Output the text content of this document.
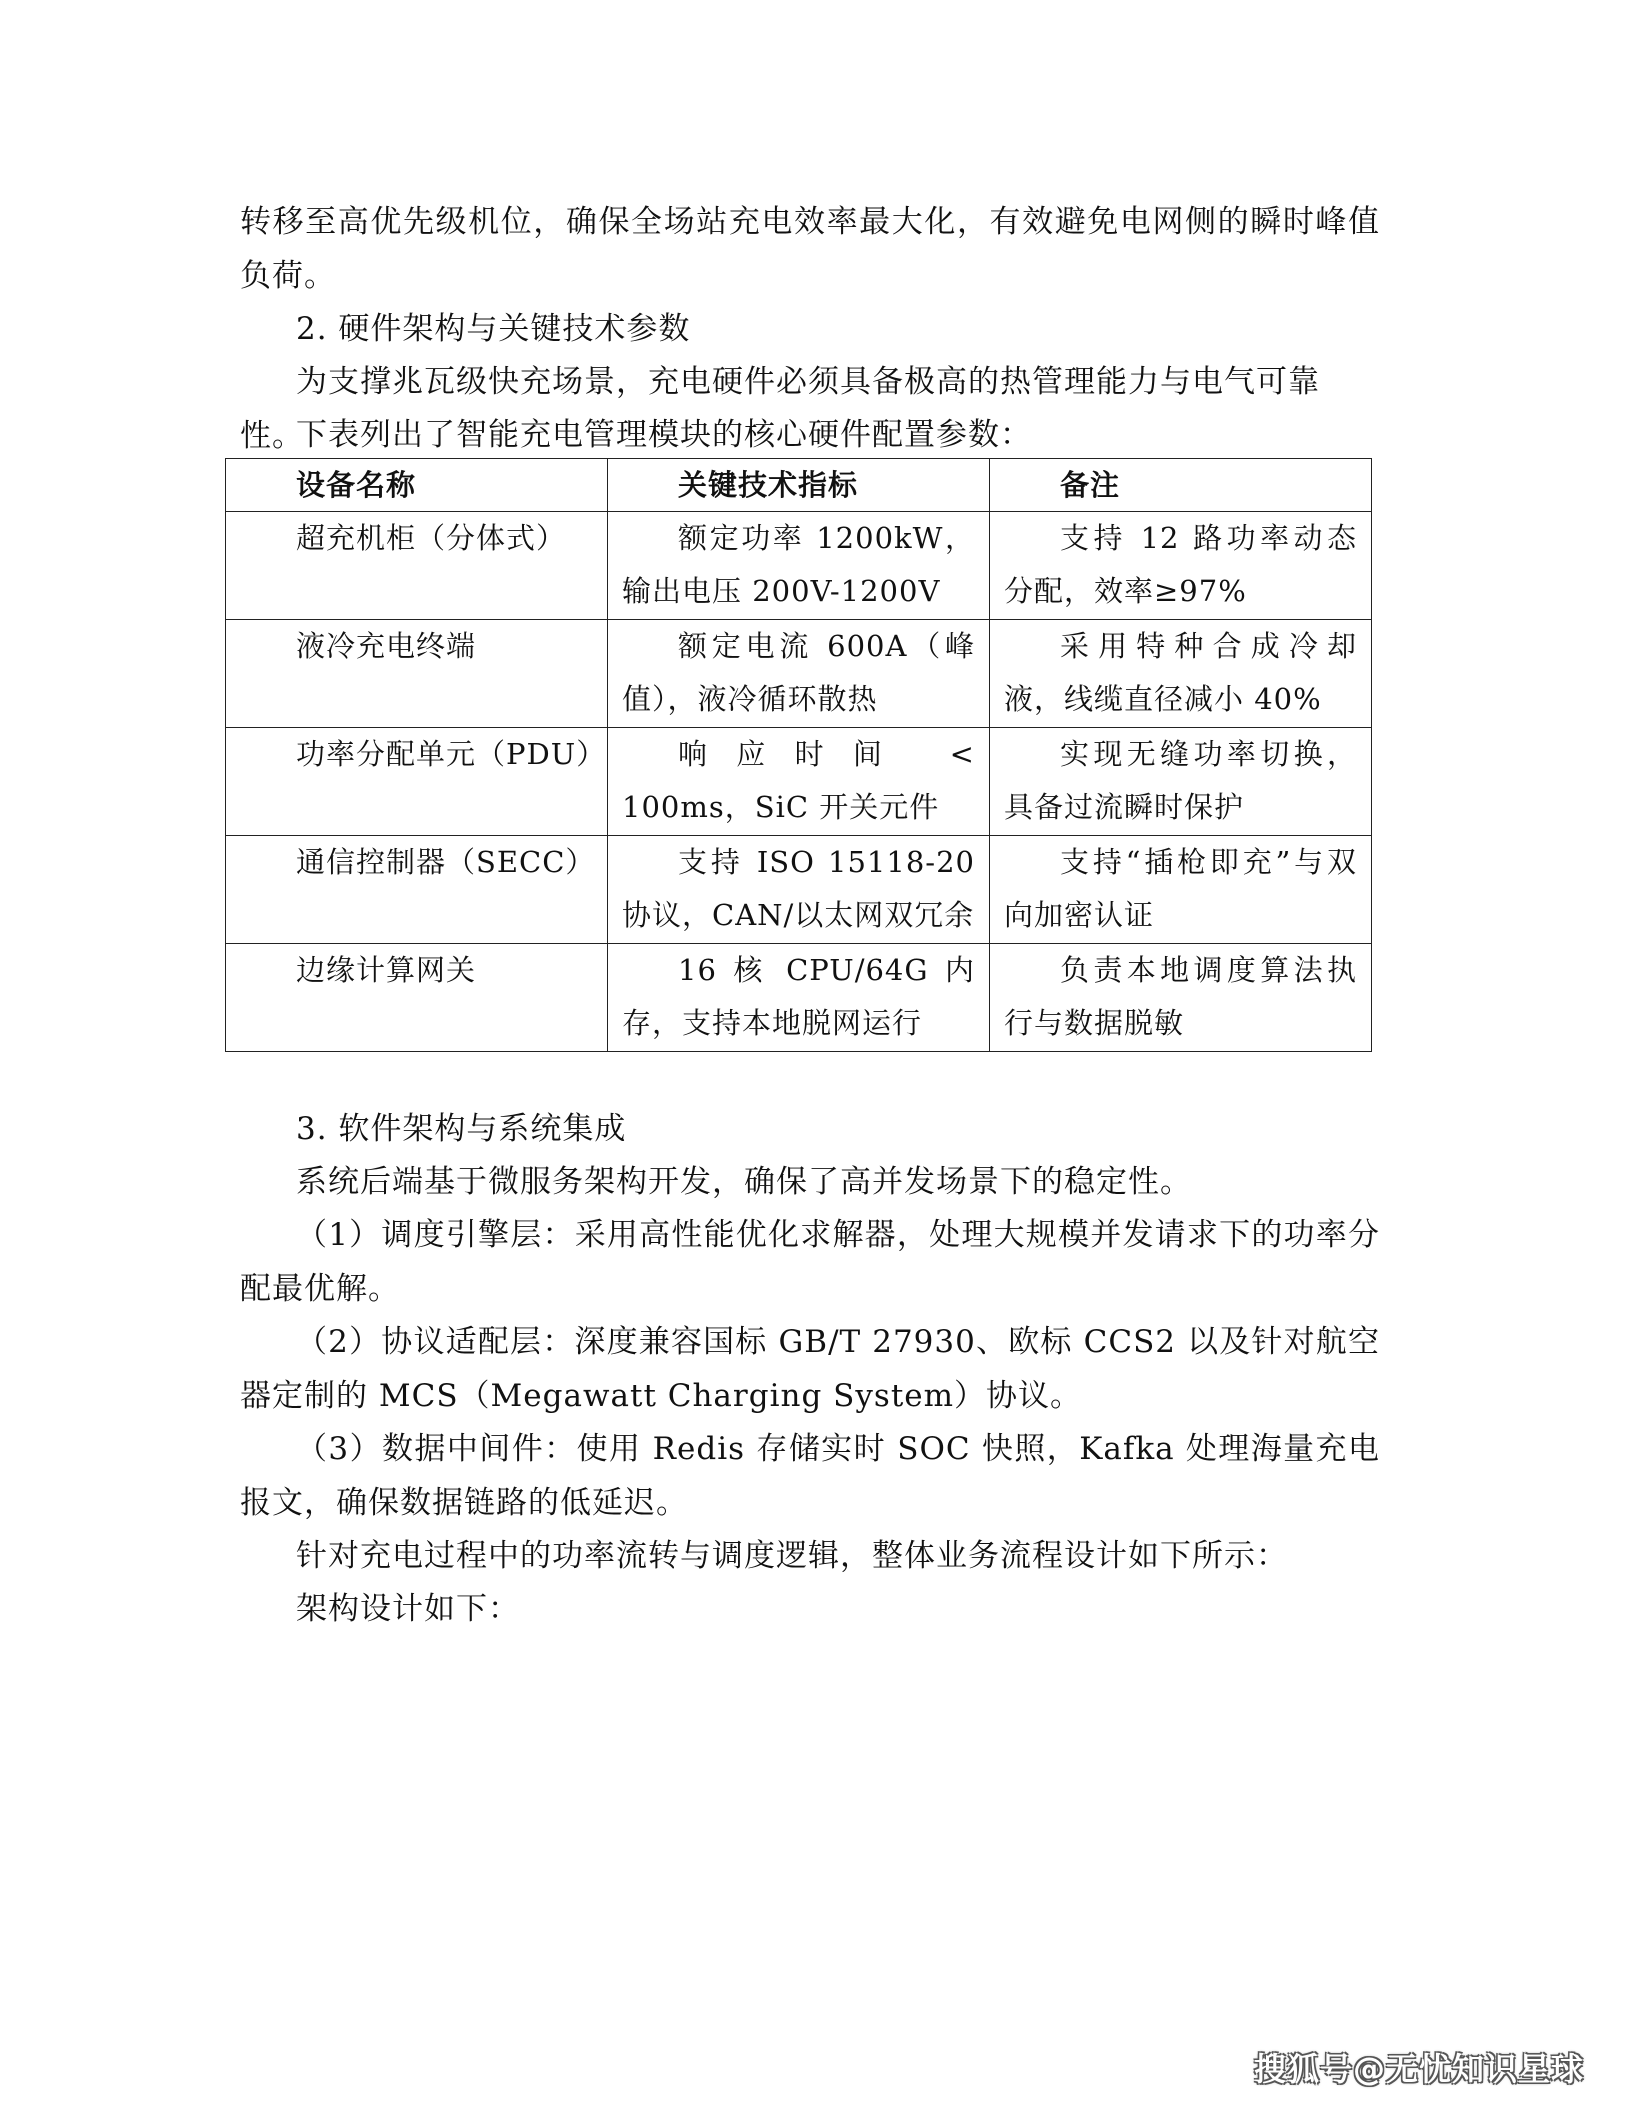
转移至高优先级机位，确保全场站充电效率最大化，有效避免电网侧的瞬时峰值负荷。

2. 硬件架构与关键技术参数

为支撑兆瓦级快充场景，充电硬件必须具备极高的热管理能力与电气可靠性。

下表列出了智能充电管理模块的核心硬件配置参数：

设备名称	关键技术指标	备注

超充机柜（分体式）	额定功率 1200kW，输出电压 200V-1200V	支持 12 路功率动态分配，效率≥97%

液冷充电终端	额定电流 600A（峰值），液冷循环散热	采用特种合成冷却液，线缆直径减小 40%

功率分配单元（PDU）	响应时间 < 100ms，SiC 开关元件	实现无缝功率切换，具备过流瞬时保护

通信控制器（SECC）	支持 ISO 15118-20 协议，CAN/以太网双冗余	支持“插枪即充”与双向加密认证

边缘计算网关	16 核 CPU/64G 内存，支持本地脱网运行	负责本地调度算法执行与数据脱敏

3. 软件架构与系统集成

系统后端基于微服务架构开发，确保了高并发场景下的稳定性。

（1）调度引擎层：采用高性能优化求解器，处理大规模并发请求下的功率分配最优解。

（2）协议适配层：深度兼容国标 GB/T 27930、欧标 CCS2 以及针对航空器定制的 MCS（Megawatt Charging System）协议。

（3）数据中间件：使用 Redis 存储实时 SOC 快照，Kafka 处理海量充电报文，确保数据链路的低延迟。

针对充电过程中的功率流转与调度逻辑，整体业务流程设计如下所示：

架构设计如下：

搜狐号@无忧知识星球
